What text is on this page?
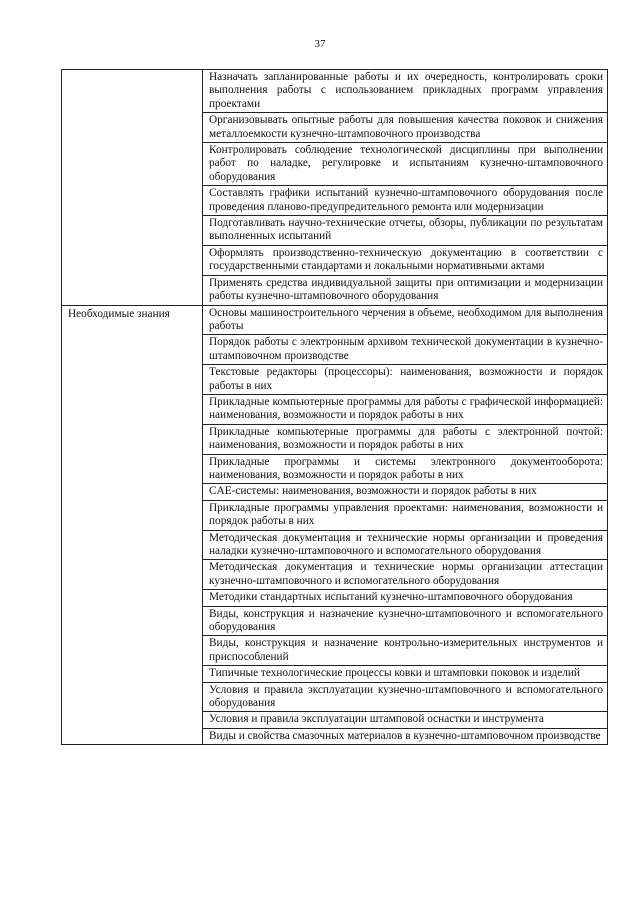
37
	Назначать запланированные работы и их очередность, контролировать сроки выполнения работы с использованием прикладных программ управления проектами
	Организовывать опытные работы для повышения качества поковок и снижения металлоемкости кузнечно-штамповочного производства
	Контролировать соблюдение технологической дисциплины при выполнении работ по наладке, регулировке и испытаниям кузнечно-штамповочного оборудования
	Составлять графики испытаний кузнечно-штамповочного оборудования после проведения планово-предупредительного ремонта или модернизации
	Подготавливать научно-технические отчеты, обзоры, публикации по результатам выполненных испытаний
	Оформлять производственно-техническую документацию в соответствии с государственными стандартами и локальными нормативными актами
	Применять средства индивидуальной защиты при оптимизации и модернизации работы кузнечно-штамповочного оборудования
Необходимые знания	Основы машиностроительного черчения в объеме, необходимом для выполнения работы
	Порядок работы с электронным архивом технической документации в кузнечно-штамповочном производстве
	Текстовые редакторы (процессоры): наименования, возможности и порядок работы в них
	Прикладные компьютерные программы для работы с графической информацией: наименования, возможности и порядок работы в них
	Прикладные компьютерные программы для работы с электронной почтой: наименования, возможности и порядок работы в них
	Прикладные программы и системы электронного документооборота: наименования, возможности и порядок работы в них
	CAE-системы: наименования, возможности и порядок работы в них
	Прикладные программы управления проектами: наименования, возможности и порядок работы в них
	Методическая документация и технические нормы организации и проведения наладки кузнечно-штамповочного и вспомогательного оборудования
	Методическая документация и технические нормы организации аттестации кузнечно-штамповочного и вспомогательного оборудования
	Методики стандартных испытаний кузнечно-штамповочного оборудования
	Виды, конструкция и назначение кузнечно-штамповочного и вспомогательного оборудования
	Виды, конструкция и назначение контрольно-измерительных инструментов и приспособлений
	Типичные технологические процессы ковки и штамповки поковок и изделий
	Условия и правила эксплуатации кузнечно-штамповочного и вспомогательного оборудования
	Условия и правила эксплуатации штамповой оснастки и инструмента
	Виды и свойства смазочных материалов в кузнечно-штамповочном производстве
